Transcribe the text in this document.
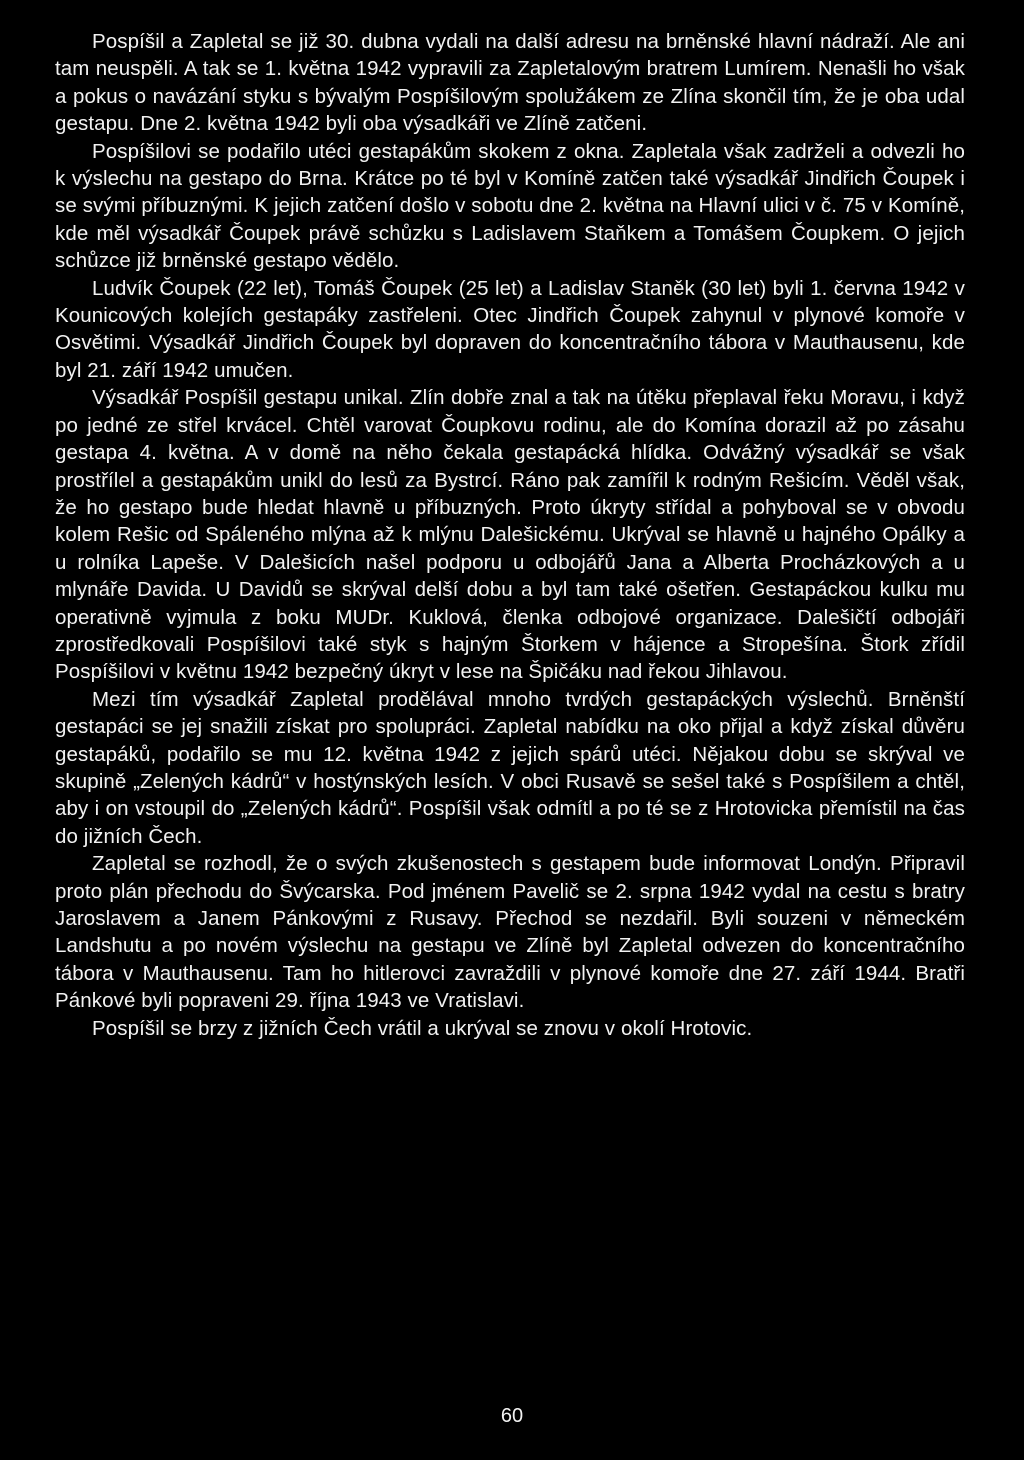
Pospíšil a Zapletal se již 30. dubna vydali na další adresu na brněnské hlavní nádraží. Ale ani tam neuspěli. A tak se 1. května 1942 vypravili za Zapletalovým bratrem Lumírem. Nenašli ho však a pokus o navázání styku s bývalým Pospíšilovým spolužákem ze Zlína skončil tím, že je oba udal gestapu. Dne 2. května 1942 byli oba výsadkáři ve Zlíně zatčeni.

Pospíšilovi se podařilo utéci gestapákům skokem z okna. Zapletala však zadrželi a odvezli ho k výslechu na gestapo do Brna. Krátce po té byl v Komíně zatčen také výsadkář Jindřich Čoupek i se svými příbuznými. K jejich zatčení došlo v sobotu dne 2. května na Hlavní ulici v č. 75 v Komíně, kde měl výsadkář Čoupek právě schůzku s Ladislavem Staňkem a Tomášem Čoupkem. O jejich schůzce již brněnské gestapo vědělo.

Ludvík Čoupek (22 let), Tomáš Čoupek (25 let) a Ladislav Staněk (30 let) byli 1. června 1942 v Kounicových kolejích gestapáky zastřeleni. Otec Jindřich Čoupek zahynul v plynové komoře v Osvětimi. Výsadkář Jindřich Čoupek byl dopraven do koncentračního tábora v Mauthausenu, kde byl 21. září 1942 umučen.

Výsadkář Pospíšil gestapu unikal. Zlín dobře znal a tak na útěku přeplaval řeku Moravu, i když po jedné ze střel krvácel. Chtěl varovat Čoupkovu rodinu, ale do Komína dorazil až po zásahu gestapa 4. května. A v domě na něho čekala gestapácká hlídka. Odvážný výsadkář se však prostřílel a gestapákům unikl do lesů za Bystrcí. Ráno pak zamířil k rodným Rešicím. Věděl však, že ho gestapo bude hledat hlavně u příbuzných. Proto úkryty střídal a pohyboval se v obvodu kolem Rešic od Spáleného mlýna až k mlýnu Dalešickému. Ukrýval se hlavně u hajného Opálky a u rolníka Lapeše. V Dalešicích našel podporu u odbojářů Jana a Alberta Procházkových a u mlynáře Davida. U Davidů se skrýval delší dobu a byl tam také ošetřen. Gestapáckou kulku mu operativně vyjmula z boku MUDr. Kuklová, členka odbojové organizace. Dalešičtí odbojáři zprostředkovali Pospíšilovi také styk s hajným Štorkem v hájence a Stropešína. Štork zřídil Pospíšilovi v květnu 1942 bezpečný úkryt v lese na Špičáku nad řekou Jihlavou.

Mezi tím výsadkář Zapletal prodělával mnoho tvrdých gestapáckých výslechů. Brněnští gestapáci se jej snažili získat pro spolupráci. Zapletal nabídku na oko přijal a když získal důvěru gestapáků, podařilo se mu 12. května 1942 z jejich spárů utéci. Nějakou dobu se skrýval ve skupině „Zelených kádrů“ v hostýnských lesích. V obci Rusavě se sešel také s Pospíšilem a chtěl, aby i on vstoupil do „Zelených kádrů“. Pospíšil však odmítl a po té se z Hrotovicka přemístil na čas do jižních Čech.

Zapletal se rozhodl, že o svých zkušenostech s gestapem bude informovat Londýn. Připravil proto plán přechodu do Švýcarska. Pod jménem Pavelič se 2. srpna 1942 vydal na cestu s bratry Jaroslavem a Janem Pánkovými z Rusavy. Přechod se nezdařil. Byli souzeni v německém Landshutu a po novém výslechu na gestapu ve Zlíně byl Zapletal odvezen do koncentračního tábora v Mauthausenu. Tam ho hitlerovci zavraždili v plynové komoře dne 27. září 1944. Bratři Pánkové byli popraveni 29. října 1943 ve Vratislavi.

Pospíšil se brzy z jižních Čech vrátil a ukrýval se znovu v okolí Hrotovic.

60
